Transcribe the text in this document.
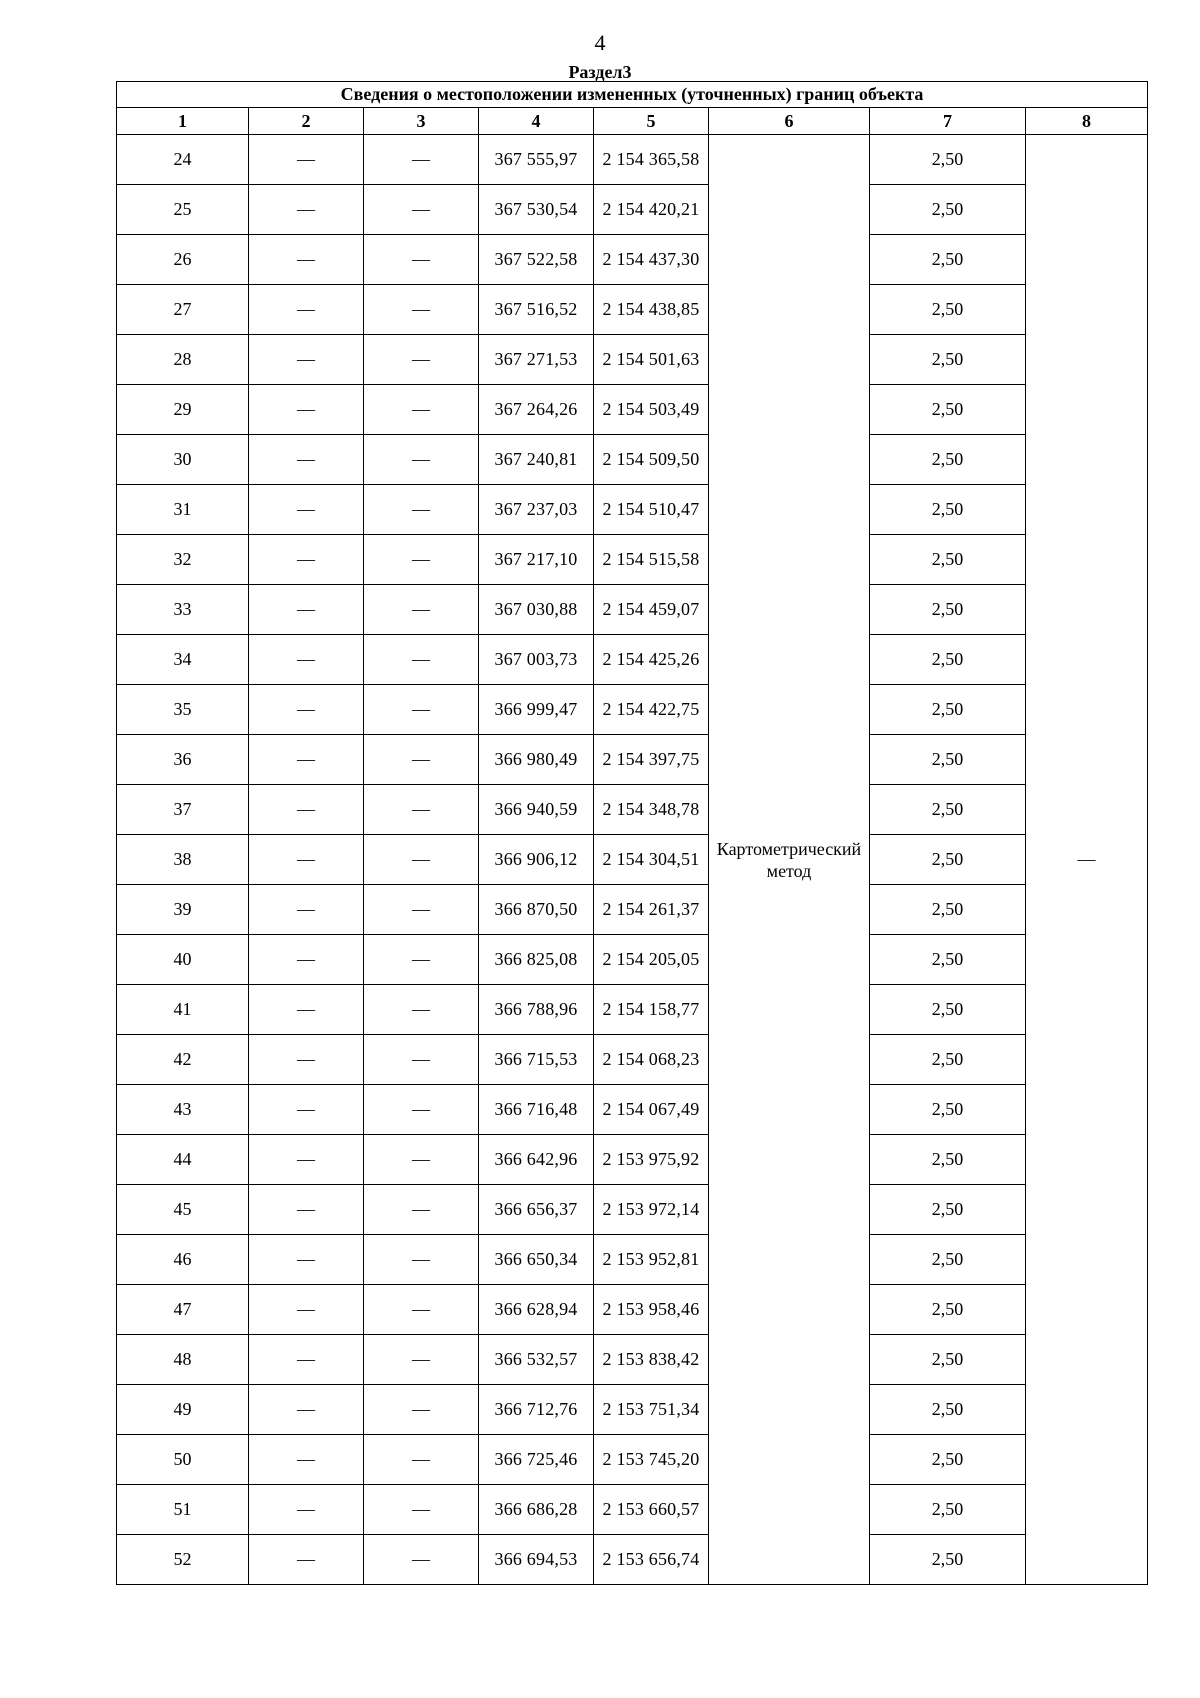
4
Раздел3
Сведения о местоположении измененных (уточненных) границ объекта							
1	2	3	4	5	6	7	8
24	—	—	367 555,97	2 154 365,58	Картометрический метод	2,50	—
25	—	—	367 530,54	2 154 420,21		2,50	
26	—	—	367 522,58	2 154 437,30		2,50	
27	—	—	367 516,52	2 154 438,85		2,50	
28	—	—	367 271,53	2 154 501,63		2,50	
29	—	—	367 264,26	2 154 503,49		2,50	
30	—	—	367 240,81	2 154 509,50		2,50	
31	—	—	367 237,03	2 154 510,47		2,50	
32	—	—	367 217,10	2 154 515,58		2,50	
33	—	—	367 030,88	2 154 459,07		2,50	
34	—	—	367 003,73	2 154 425,26		2,50	
35	—	—	366 999,47	2 154 422,75		2,50	
36	—	—	366 980,49	2 154 397,75		2,50	
37	—	—	366 940,59	2 154 348,78		2,50	
38	—	—	366 906,12	2 154 304,51		2,50	
39	—	—	366 870,50	2 154 261,37		2,50	
40	—	—	366 825,08	2 154 205,05		2,50	
41	—	—	366 788,96	2 154 158,77		2,50	
42	—	—	366 715,53	2 154 068,23		2,50	
43	—	—	366 716,48	2 154 067,49		2,50	
44	—	—	366 642,96	2 153 975,92		2,50	
45	—	—	366 656,37	2 153 972,14		2,50	
46	—	—	366 650,34	2 153 952,81		2,50	
47	—	—	366 628,94	2 153 958,46		2,50	
48	—	—	366 532,57	2 153 838,42		2,50	
49	—	—	366 712,76	2 153 751,34		2,50	
50	—	—	366 725,46	2 153 745,20		2,50	
51	—	—	366 686,28	2 153 660,57		2,50	
52	—	—	366 694,53	2 153 656,74		2,50	
